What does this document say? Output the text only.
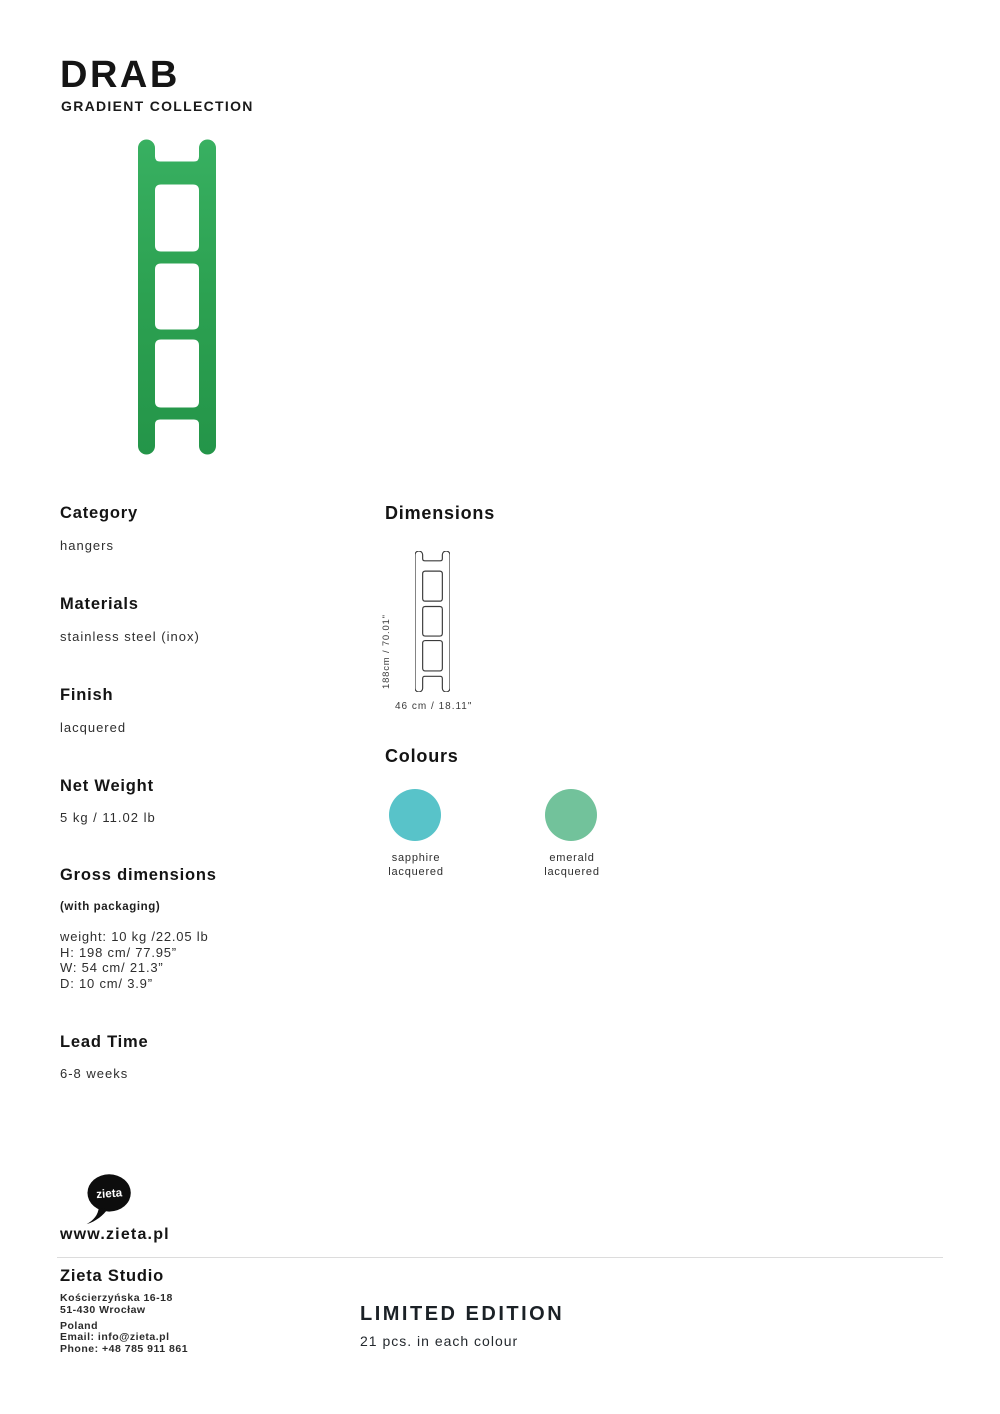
DRAB
GRADIENT COLLECTION
Category
hangers
Materials
stainless steel (inox)
Finish
lacquered
Net Weight
5 kg / 11.02 lb
Gross dimensions
(with packaging)
weight: 10 kg /22.05 lb
H: 198 cm/ 77.95”
W: 54 cm/ 21.3”
D: 10 cm/ 3.9”
Lead Time
6-8 weeks
Dimensions
188cm / 70.01"
46 cm / 18.11"
Colours
sapphire
lacquered
emerald
lacquered
zieta
www.zieta.pl
Zieta Studio
Kościerzyńska 16-18
51-430 Wrocław
Poland
Email: info@zieta.pl
Phone: +48 785 911 861
LIMITED EDITION
21 pcs. in each colour
